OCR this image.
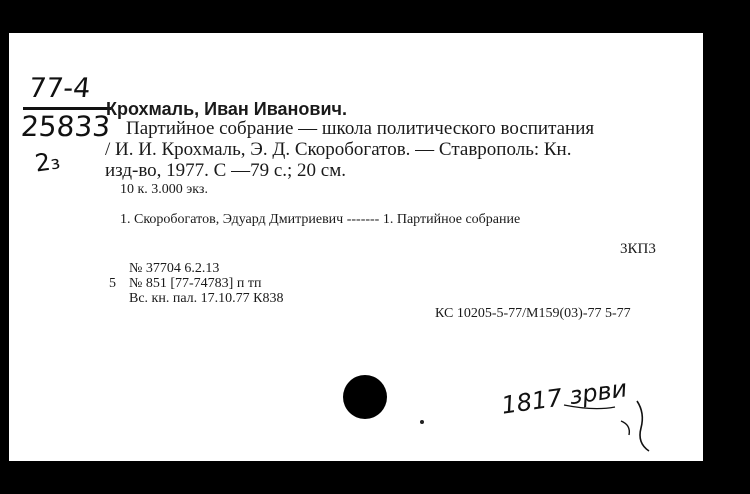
77-4
25833
2₃
Крохмаль, Иван Иванович.
Партийное собрание — школа политического воспитания
/ И. И. Крохмаль, Э. Д. Скоробогатов. — Ставрополь: Кн.
изд-во, 1977. С —79 с.; 20 см.
10 к. 3.000 экз.
1. Скоробогатов, Эдуард Дмитриевич ------- 1. Партийное собрание
3КП3
№ 37704 6.2.13
5 № 851 [77-74783] п тп
Вс. кн. пал. 17.10.77 К838
КС 10205-5-77/М159(03)-77 5-77
1817 зрви
